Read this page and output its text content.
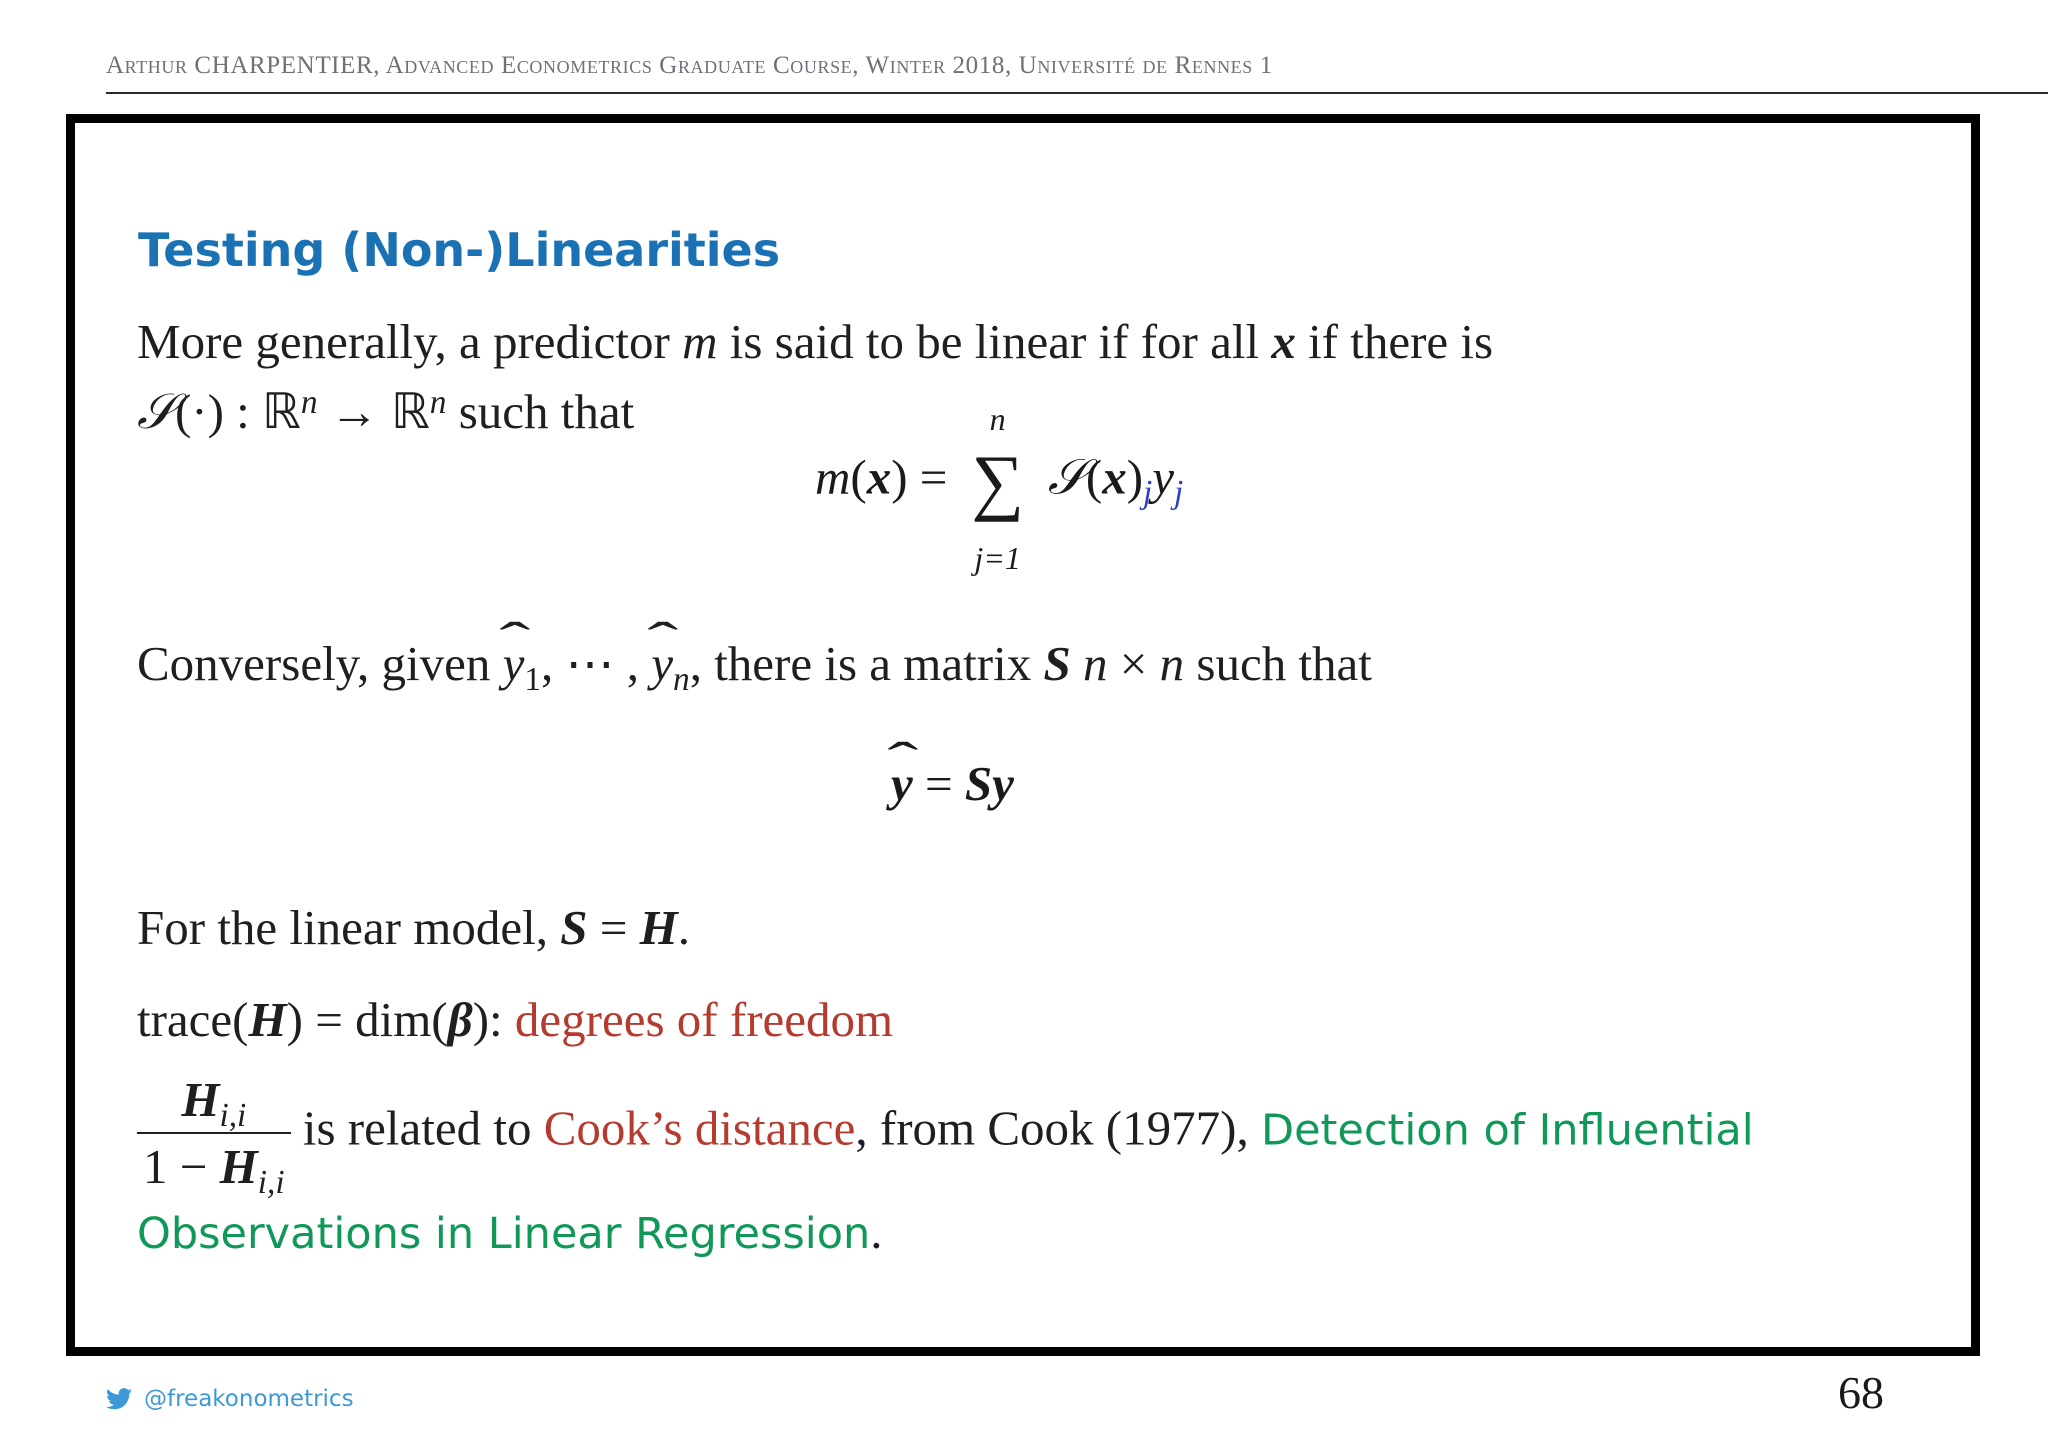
Arthur CHARPENTIER, Advanced Econometrics Graduate Course, Winter 2018, Université de Rennes 1
Testing (Non-)Linearities
More generally, a predictor m is said to be linear if for all x if there is
𝒮(·) : ℝ$^n$ → ℝ$^n$ such that
m(x) =
n
∑
j=1
$𝒮(x)_jy_j$
Conversely, given ˆ $y_1$, ⋯ , ˆ $y_n$, there is a matrix S n × n such that
ˆ y = Sy
For the linear model, S = H.
trace(H) = dim(β): degrees of freedom
$\frac{H_{i,i}}{1 - H_{i,i}}$ is related to Cook’s distance, from Cook (1977), Detection of Influential
Observations in Linear Regression.
@freakonometrics	68
